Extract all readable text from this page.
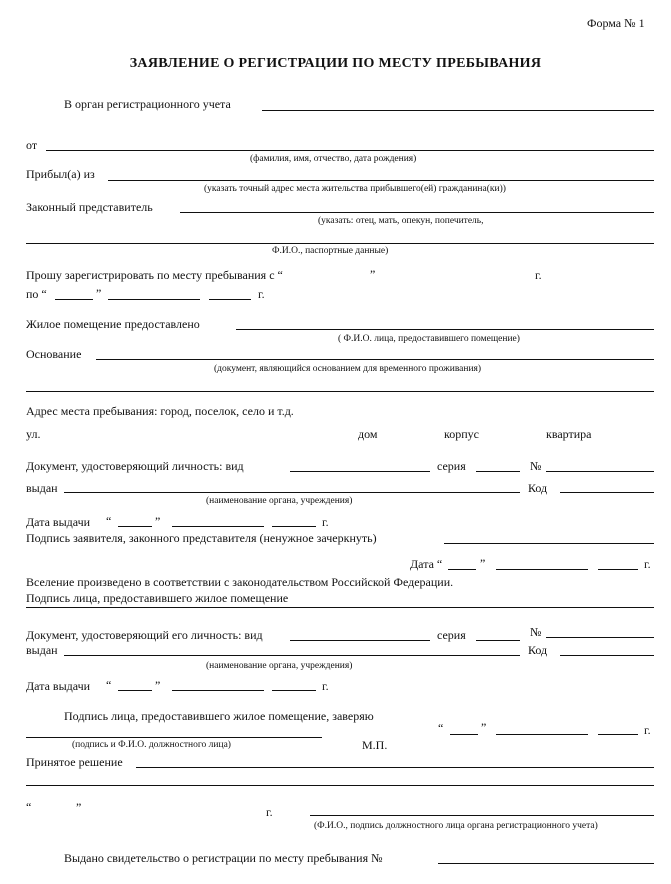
Форма № 1
ЗАЯВЛЕНИЕ О РЕГИСТРАЦИИ ПО МЕСТУ ПРЕБЫВАНИЯ
В орган регистрационного учета
от
(фамилия, имя, отчество, дата рождения)
Прибыл(а) из
(указать точный адрес места жительства прибывшего(ей) гражданина(ки))
Законный представитель
(указать: отец, мать, опекун, попечитель,
Ф.И.О., паспортные данные)
Прошу зарегистрировать по месту пребывания с “	”	г.
по “	”	г.
Жилое помещение предоставлено
( Ф.И.О. лица, предоставившего помещение)
Основание
(документ, являющийся основанием для временного проживания)
Адрес места пребывания: город, поселок, село и т.д.
ул.	дом	корпус	квартира
Документ, удостоверяющий личность: вид	серия	№
выдан	Код
(наименование органа, учреждения)
Дата выдачи “	”	г.
Подпись заявителя, законного представителя (ненужное зачеркнуть)
Дата “	”	г.
Вселение произведено в соответствии с законодательством Российской Федерации.
Подпись лица, предоставившего жилое помещение
Документ, удостоверяющий его личность: вид	серия	№
выдан	Код
(наименование органа, учреждения)
Дата выдачи “	”	г.
Подпись лица, предоставившего жилое помещение, заверяю
“	”	г.
(подпись и Ф.И.О. должностного лица)	М.П.
Принятое решение
“	”	г.
(Ф.И.О., подпись должностного лица органа регистрационного учета)
Выдано свидетельство о регистрации по месту пребывания №
